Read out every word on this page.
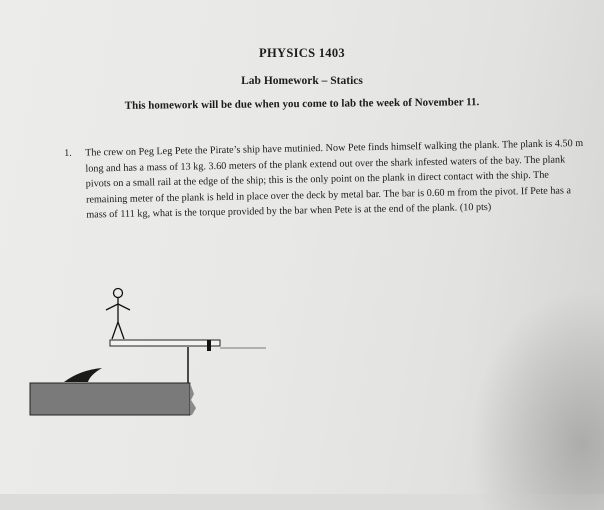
PHYSICS 1403
Lab Homework – Statics
This homework will be due when you come to lab the week of November 11.
1. The crew on Peg Leg Pete the Pirate’s ship have mutinied. Now Pete finds himself walking the plank. The plank is 4.50 m long and has a mass of 13 kg. 3.60 meters of the plank extend out over the shark infested waters of the bay. The plank pivots on a small rail at the edge of the ship; this is the only point on the plank in direct contact with the ship. The remaining meter of the plank is held in place over the deck by metal bar. The bar is 0.60 m from the pivot. If Pete has a mass of 111 kg, what is the torque provided by the bar when Pete is at the end of the plank. (10 pts)
